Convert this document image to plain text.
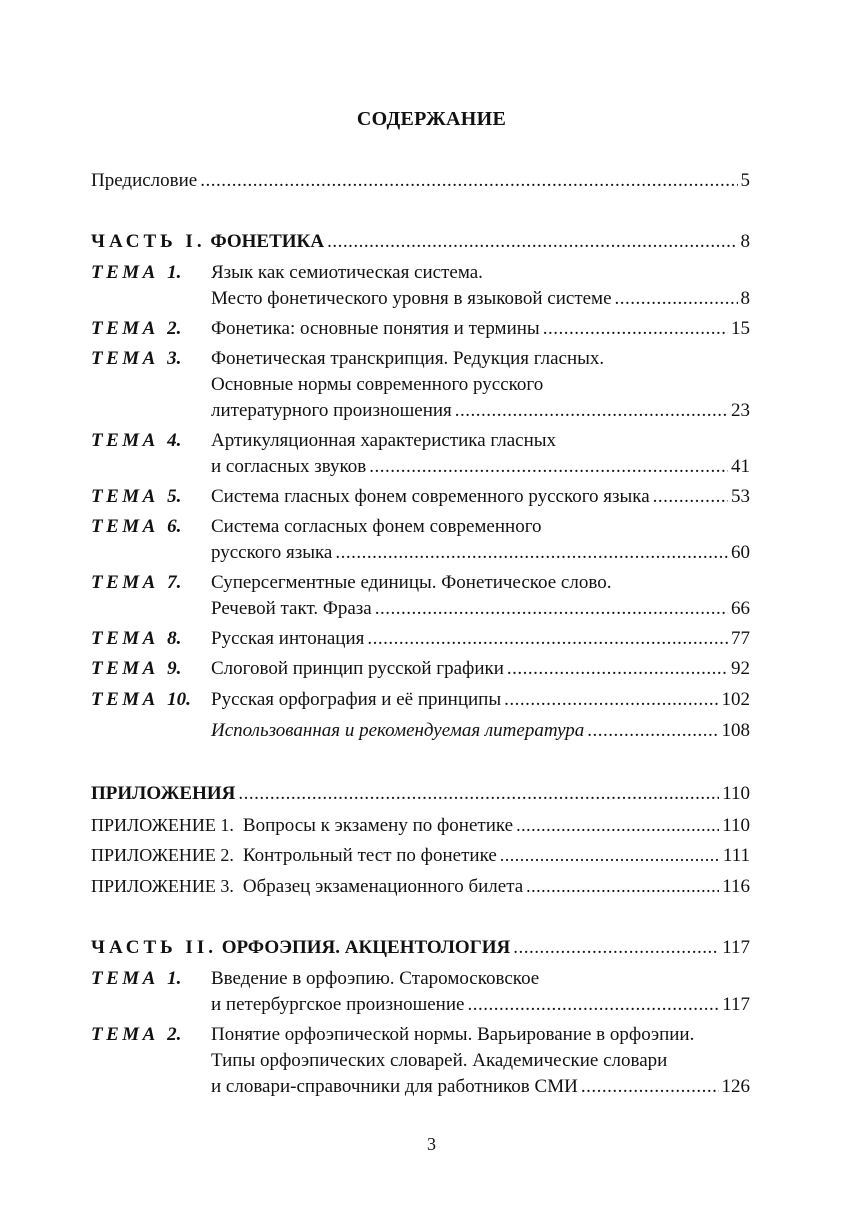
СОДЕРЖАНИЕ
Предисловие .....	5
ЧАСТЬ I. ФОНЕТИКА .....	8
ТЕМА 1.	Язык как семиотическая система.
Место фонетического уровня в языковой системе .....	8
ТЕМА 2.	Фонетика: основные понятия и термины .....	15
ТЕМА 3.	Фонетическая транскрипция. Редукция гласных.
Основные нормы современного русского
литературного произношения .....	23
ТЕМА 4.	Артикуляционная характеристика гласных
и согласных звуков .....	41
ТЕМА 5.	Система гласных фонем современного русского языка .....	53
ТЕМА 6.	Система согласных фонем современного
русского языка .....	60
ТЕМА 7.	Суперсегментные единицы. Фонетическое слово.
Речевой такт. Фраза .....	66
ТЕМА 8.	Русская интонация .....	77
ТЕМА 9.	Слоговой принцип русской графики .....	92
ТЕМА 10.	Русская орфография и её принципы .....	102
Использованная и рекомендуемая литература .....	108
ПРИЛОЖЕНИЯ .....	110
ПРИЛОЖЕНИЕ 1. Вопросы к экзамену по фонетике .....	110
ПРИЛОЖЕНИЕ 2. Контрольный тест по фонетике .....	111
ПРИЛОЖЕНИЕ 3. Образец экзаменационного билета .....	116
ЧАСТЬ II. ОРФОЭПИЯ. АКЦЕНТОЛОГИЯ .....	117
ТЕМА 1.	Введение в орфоэпию. Старомосковское
и петербургское произношение .....	117
ТЕМА 2.	Понятие орфоэпической нормы. Варьирование в орфоэпии.
Типы орфоэпических словарей. Академические словари
и словари-справочники для работников СМИ .....	126
3
